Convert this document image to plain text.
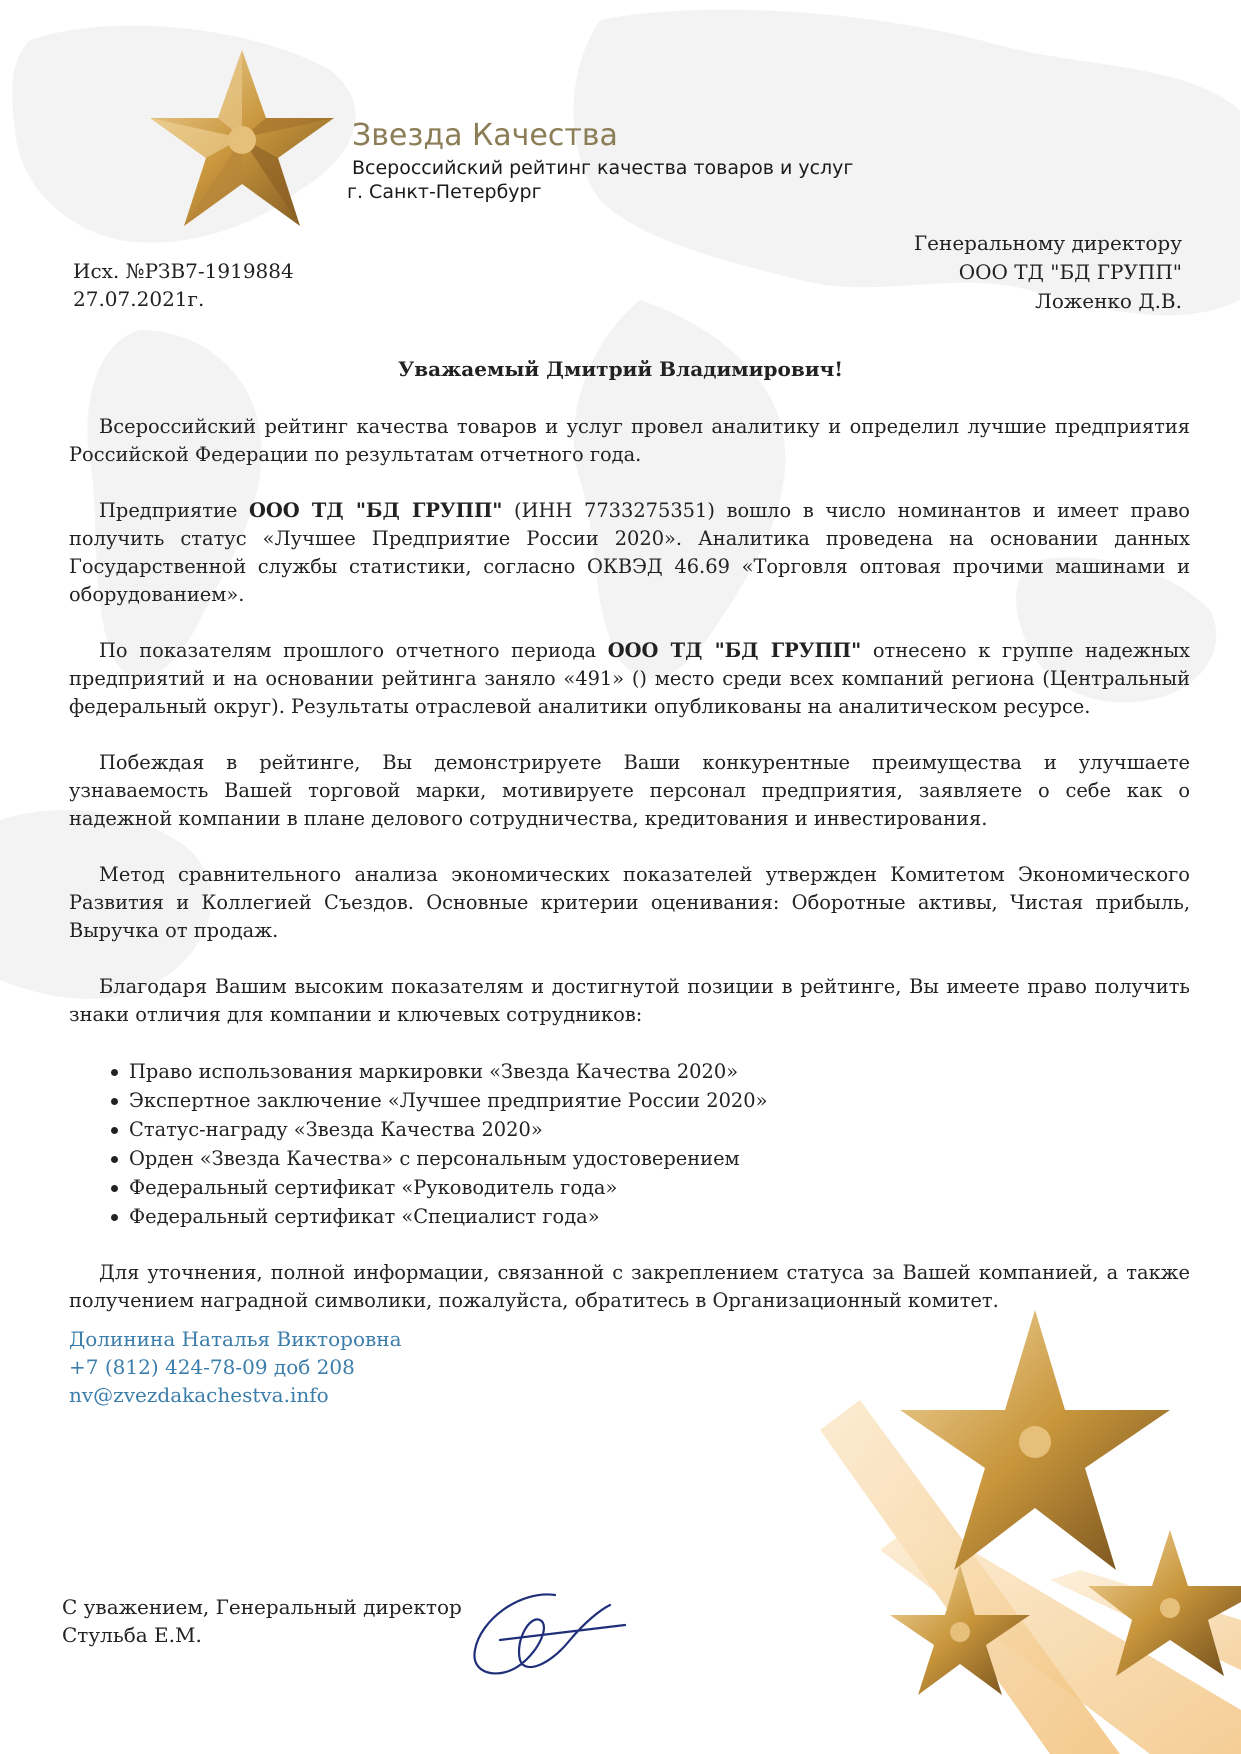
Звезда Качества
Всероссийский рейтинг качества товаров и услуг
г. Санкт-Петербург
Исх. №РЗВ7-1919884
27.07.2021г.
Генеральному директору
ООО ТД "БД ГРУПП"
Ложенко Д.В.
Уважаемый Дмитрий Владимирович!

Всероссийский рейтинг качества товаров и услуг провел аналитику и определил лучшие предприятия Российской Федерации по результатам отчетного года.

Предприятие ООО ТД "БД ГРУПП" (ИНН 7733275351) вошло в число номинантов и имеет право получить статус «Лучшее Предприятие России 2020». Аналитика проведена на основании данных Государственной службы статистики, согласно ОКВЭД 46.69 «Торговля оптовая прочими машинами и оборудованием».

По показателям прошлого отчетного периода ООО ТД "БД ГРУПП" отнесено к группе надежных предприятий и на основании рейтинга заняло «491» () место среди всех компаний региона (Центральный федеральный округ). Результаты отраслевой аналитики опубликованы на аналитическом ресурсе.

Побеждая в рейтинге, Вы демонстрируете Ваши конкурентные преимущества и улучшаете узнаваемость Вашей торговой марки, мотивируете персонал предприятия, заявляете о себе как о надежной компании в плане делового сотрудничества, кредитования и инвестирования.

Метод сравнительного анализа экономических показателей утвержден Комитетом Экономического Развития и Коллегией Съездов. Основные критерии оценивания: Оборотные активы, Чистая прибыль, Выручка от продаж.

Благодаря Вашим высоким показателям и достигнутой позиции в рейтинге, Вы имеете право получить знаки отличия для компании и ключевых сотрудников:

Право использования маркировки «Звезда Качества 2020»
Экспертное заключение «Лучшее предприятие России 2020»
Статус-награду «Звезда Качества 2020»
Орден «Звезда Качества» с персональным удостоверением
Федеральный сертификат «Руководитель года»
Федеральный сертификат «Специалист года»

Для уточнения, полной информации, связанной с закреплением статуса за Вашей компанией, а также получением наградной символики, пожалуйста, обратитесь в Организационный комитет.

Долинина Наталья Викторовна
+7 (812) 424-78-09 доб 208
nv@zvezdakachestva.info
С уважением, Генеральный директор
Стульба Е.М.
